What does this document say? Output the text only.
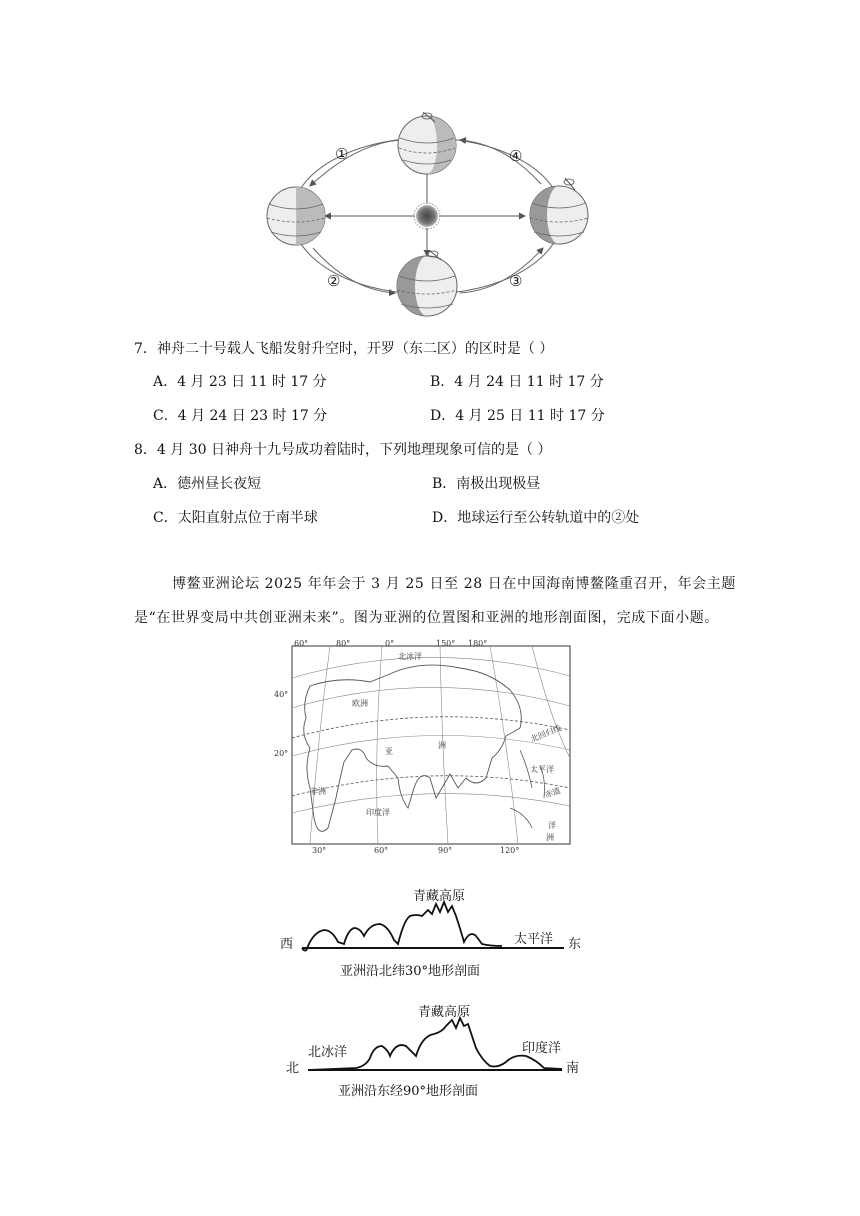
①	④
②	③
7．神舟二十号载人飞船发射升空时，开罗（东二区）的区时是（ ）
A．4 月 23 日 11 时 17 分	B．4 月 24 日 11 时 17 分
C．4 月 24 日 23 时 17 分	D．4 月 25 日 11 时 17 分
8．4 月 30 日神舟十九号成功着陆时，下列地理现象可信的是（ ）
A．德州昼长夜短	B．南极出现极昼
C．太阳直射点位于南半球	D．地球运行至公转轨道中的②处
博鳌亚洲论坛 2025 年年会于 3 月 25 日至 28 日在中国海南博鳌隆重召开，年会主题
是“在世界变局中共创亚洲未来”。图为亚洲的位置图和亚洲的地形剖面图，完成下面小题。
60°	80°	0°	150° 180°
40°
20°
30°	60°	90°	120°
北冰洋
欧洲
亚
洲
非洲
印度洋
太平洋
北回归线
赤道
洋
洲
青藏高原
西	太平洋 东
亚洲沿北纬30°地形剖面
青藏高原
北冰洋
北
印度洋
南
亚洲沿东经90°地形剖面
